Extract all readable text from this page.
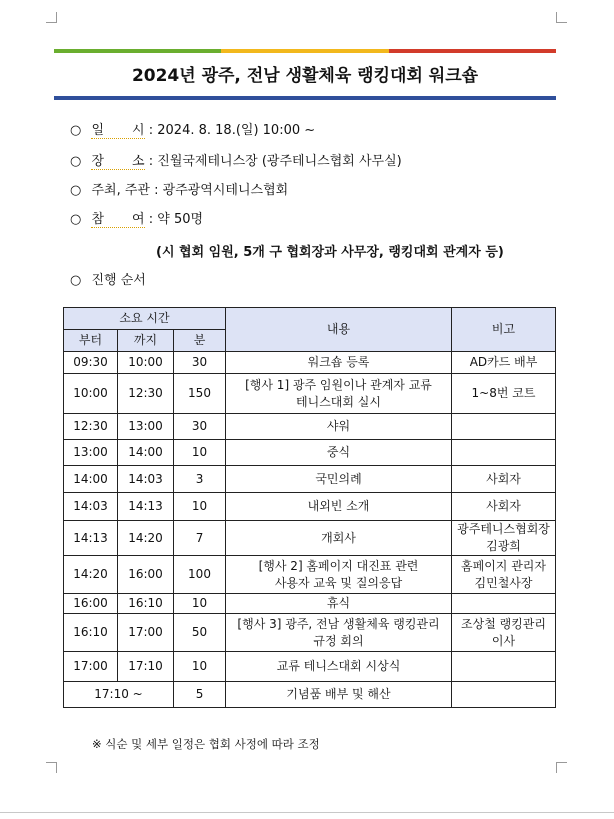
2024년 광주, 전남 생활체육 랭킹대회 워크숍
○ 일 시 : 2024. 8. 18.(일) 10:00 ~
○ 장 소 : 진월국제테니스장 (광주테니스협회 사무실)
○ 주최, 주관 : 광주광역시테니스협회
○ 참 여 : 약 50명
(시 협회 임원, 5개 구 협회장과 사무장, 랭킹대회 관계자 등)
○ 진행 순서
소요 시간			내용	비고
부터	까지	분		
09:30	10:00	30	워크숍 등록	AD카드 배부
10:00	12:30	150	[행사 1] 광주 임원이나 관계자 교류
테니스대회 실시	1~8번 코트
12:30	13:00	30	샤워	
13:00	14:00	10	중식	
14:00	14:03	3	국민의례	사회자
14:03	14:13	10	내외빈 소개	사회자
14:13	14:20	7	개회사	광주테니스협회장
김광희
14:20	16:00	100	[행사 2] 홈페이지 대진표 관련
사용자 교육 및 질의응답	홈페이지 관리자
김민철사장
16:00	16:10	10	휴식	
16:10	17:00	50	[행사 3] 광주, 전남 생활체육 랭킹관리
규정 회의	조상철 랭킹관리
이사
17:00	17:10	10	교류 테니스대회 시상식	
17:10 ~		5	기념품 배부 및 해산	
※ 식순 및 세부 일정은 협회 사정에 따라 조정
